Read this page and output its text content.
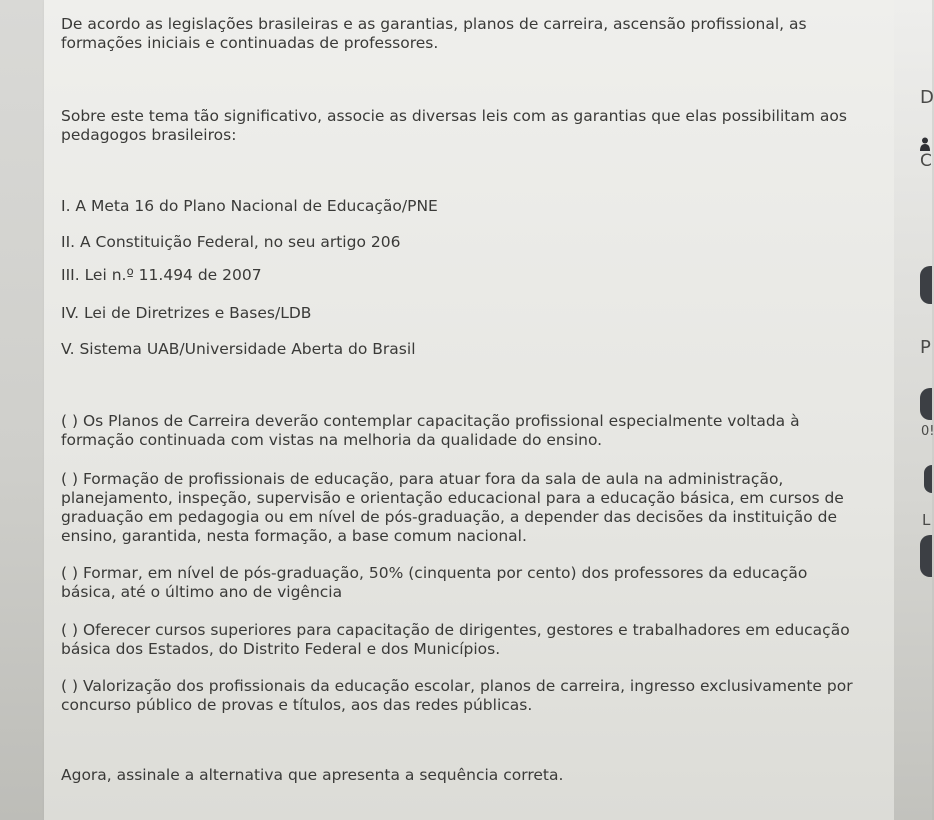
De acordo as legislações brasileiras e as garantias, planos de carreira, ascensão profissional, as
formações iniciais e continuadas de professores.
Sobre este tema tão significativo, associe as diversas leis com as garantias que elas possibilitam aos
pedagogos brasileiros:
I. A Meta 16 do Plano Nacional de Educação/PNE
II. A Constituição Federal, no seu artigo 206
III. Lei n.º 11.494 de 2007
IV. Lei de Diretrizes e Bases/LDB
V. Sistema UAB/Universidade Aberta do Brasil
( ) Os Planos de Carreira deverão contemplar capacitação profissional especialmente voltada à
formação continuada com vistas na melhoria da qualidade do ensino.
( ) Formação de profissionais de educação, para atuar fora da sala de aula na administração,
planejamento, inspeção, supervisão e orientação educacional para a educação básica, em cursos de
graduação em pedagogia ou em nível de pós-graduação, a depender das decisões da instituição de
ensino, garantida, nesta formação, a base comum nacional.
( ) Formar, em nível de pós-graduação, 50% (cinquenta por cento) dos professores da educação
básica, até o último ano de vigência
( ) Oferecer cursos superiores para capacitação de dirigentes, gestores e trabalhadores em educação
básica dos Estados, do Distrito Federal e dos Municípios.
( ) Valorização dos profissionais da educação escolar, planos de carreira, ingresso exclusivamente por
concurso público de provas e títulos, aos das redes públicas.
Agora, assinale a alternativa que apresenta a sequência correta.
D
C
P
0!
L
